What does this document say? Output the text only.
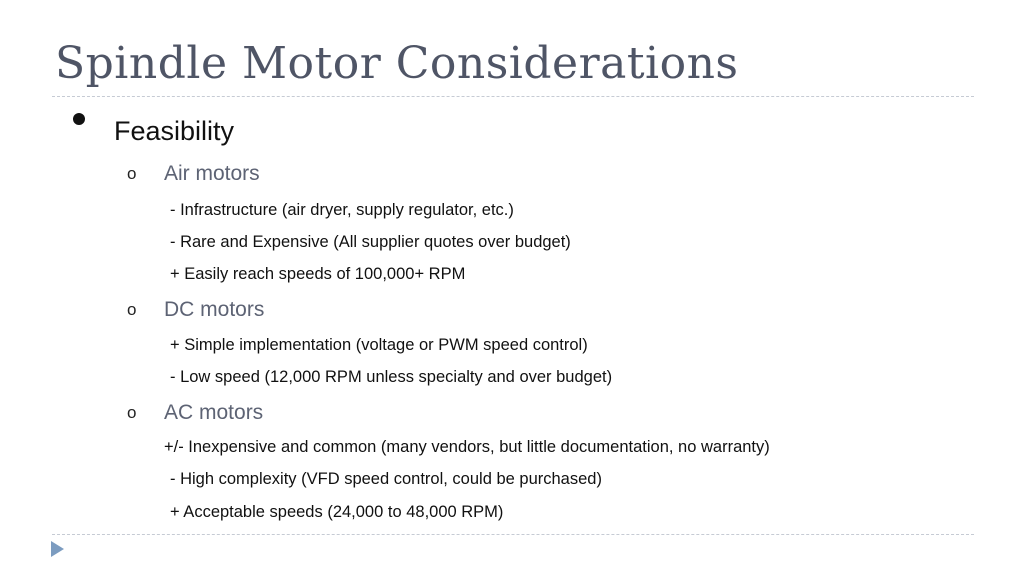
Spindle Motor Considerations
Feasibility
o Air motors
- Infrastructure (air dryer, supply regulator, etc.)
- Rare and Expensive (All supplier quotes over budget)
+ Easily reach speeds of 100,000+ RPM
o DC motors
+ Simple implementation (voltage or PWM speed control)
- Low speed (12,000 RPM unless specialty and over budget)
o AC motors
+/- Inexpensive and common (many vendors, but little documentation, no warranty)
- High complexity (VFD speed control, could be purchased)
+ Acceptable speeds (24,000 to 48,000 RPM)
